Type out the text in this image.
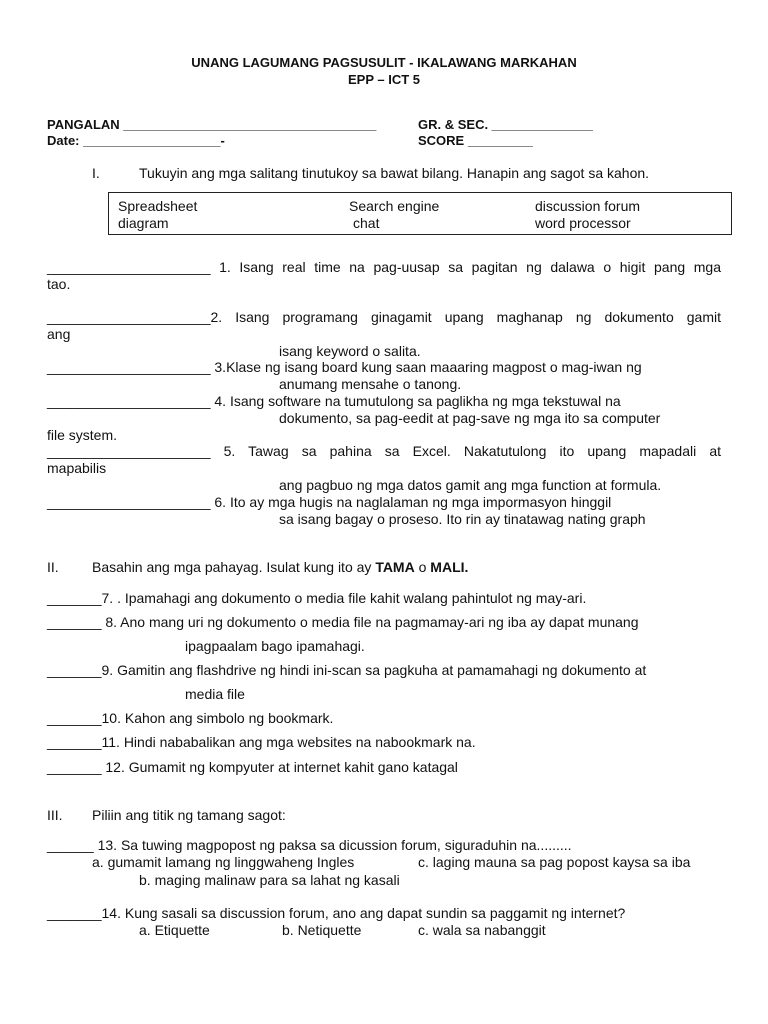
UNANG LAGUMANG PAGSUSULIT - IKALAWANG MARKAHAN
EPP – ICT 5
PANGALAN ___________________________________	GR. & SEC. ______________
Date: ___________________-	SCORE _________
I.	Tukuyin ang mga salitang tinutukoy sa bawat bilang. Hanapin ang sagot sa kahon.
Spreadsheet	Search engine	discussion forum
diagram	chat	word processor
_____________________ 1. Isang real time na pag-uusap sa pagitan ng dalawa o higit pang mga
tao.
_____________________2. Isang programang ginagamit upang maghanap ng dokumento gamit
ang
isang keyword o salita.
_____________________ 3.Klase ng isang board kung saan maaaring magpost o mag-iwan ng
anumang mensahe o tanong.
_____________________ 4. Isang software na tumutulong sa paglikha ng mga tekstuwal na
dokumento, sa pag-eedit at pag-save ng mga ito sa computer
file system.
_____________________ 5. Tawag sa pahina sa Excel. Nakatutulong ito upang mapadali at
mapabilis
ang pagbuo ng mga datos gamit ang mga function at formula.
_____________________ 6. Ito ay mga hugis na naglalaman ng mga impormasyon hinggil
sa isang bagay o proseso. Ito rin ay tinatawag nating graph
II. Basahin ang mga pahayag. Isulat kung ito ay TAMA o MALI.
_______7. . Ipamahagi ang dokumento o media file kahit walang pahintulot ng may-ari.
_______ 8. Ano mang uri ng dokumento o media file na pagmamay-ari ng iba ay dapat munang
ipagpaalam bago ipamahagi.
_______9. Gamitin ang flashdrive ng hindi ini-scan sa pagkuha at pamamahagi ng dokumento at
media file
_______10. Kahon ang simbolo ng bookmark.
_______11. Hindi nababalikan ang mga websites na nabookmark na.
_______ 12. Gumamit ng kompyuter at internet kahit gano katagal
III. Piliin ang titik ng tamang sagot:
______ 13. Sa tuwing magpopost ng paksa sa dicussion forum, siguraduhin na.........
a. gumamit lamang ng linggwaheng Ingles	c. laging mauna sa pag popost kaysa sa iba
b. maging malinaw para sa lahat ng kasali
_______14. Kung sasali sa discussion forum, ano ang dapat sundin sa paggamit ng internet?
a. Etiquette	b. Netiquette	c. wala sa nabanggit
